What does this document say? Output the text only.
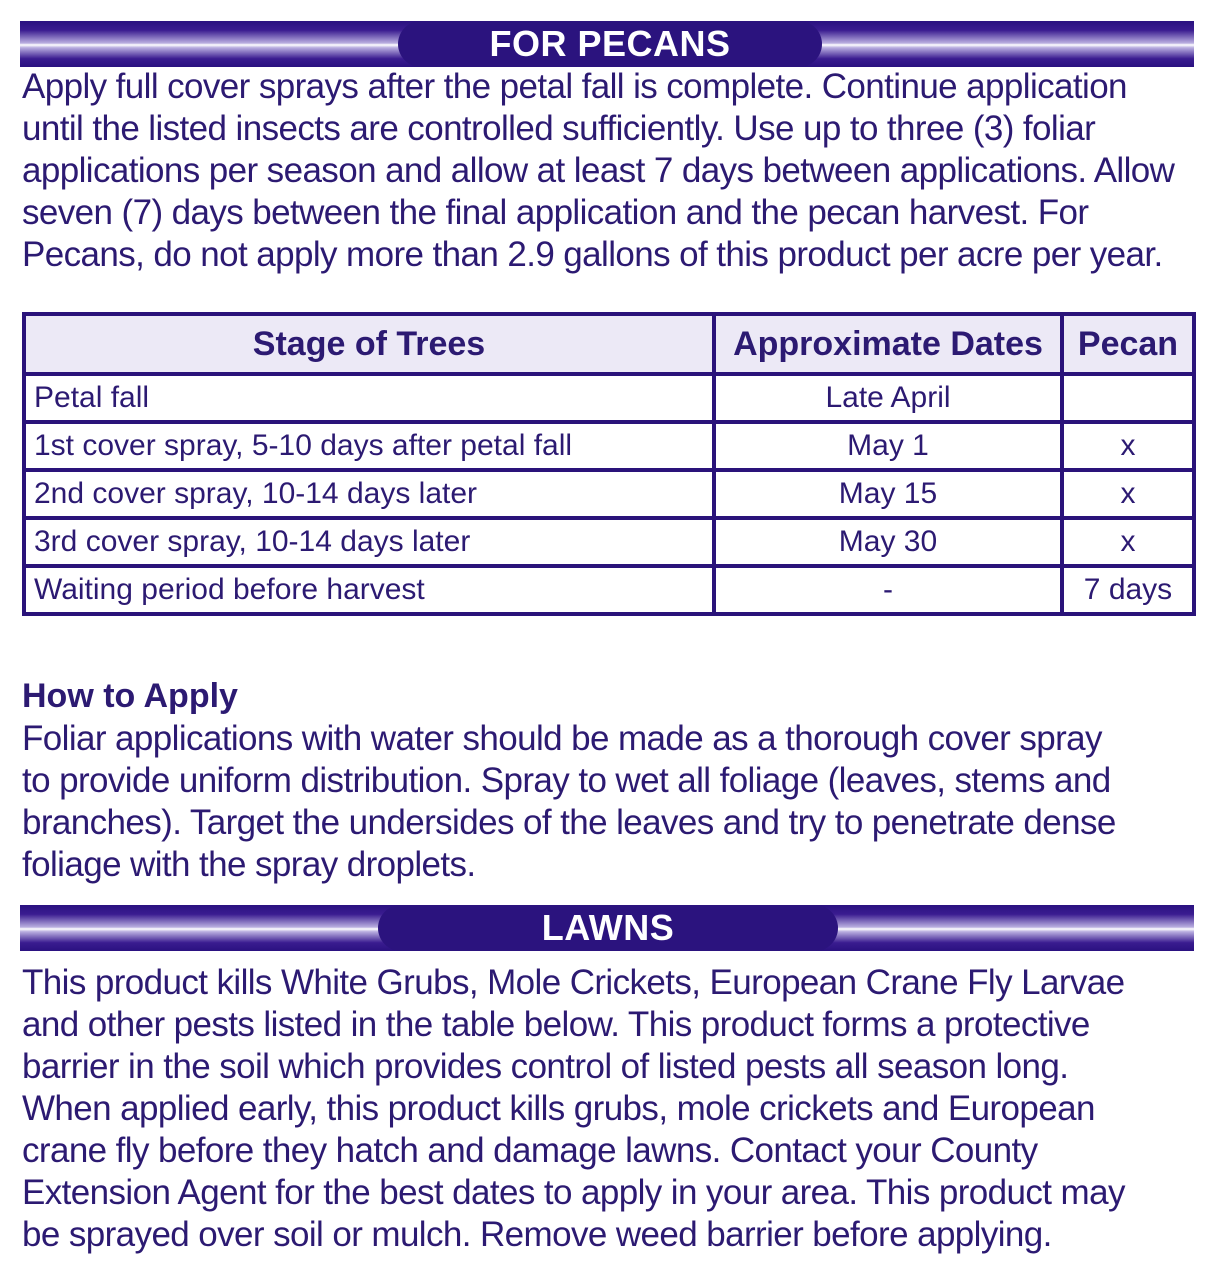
FOR PECANS
Apply full cover sprays after the petal fall is complete. Continue application
until the listed insects are controlled sufficiently. Use up to three (3) foliar
applications per season and allow at least 7 days between applications. Allow
seven (7) days between the final application and the pecan harvest. For
Pecans, do not apply more than 2.9 gallons of this product per acre per year.
Stage of Trees	Approximate Dates	Pecan
Petal fall	Late April	
1st cover spray, 5-10 days after petal fall	May 1	x
2nd cover spray, 10-14 days later	May 15	x
3rd cover spray, 10-14 days later	May 30	x
Waiting period before harvest	-	7 days
How to Apply
Foliar applications with water should be made as a thorough cover spray
to provide uniform distribution. Spray to wet all foliage (leaves, stems and
branches). Target the undersides of the leaves and try to penetrate dense
foliage with the spray droplets.
LAWNS
This product kills White Grubs, Mole Crickets, European Crane Fly Larvae
and other pests listed in the table below. This product forms a protective
barrier in the soil which provides control of listed pests all season long.
When applied early, this product kills grubs, mole crickets and European
crane fly before they hatch and damage lawns. Contact your County
Extension Agent for the best dates to apply in your area. This product may
be sprayed over soil or mulch. Remove weed barrier before applying.
